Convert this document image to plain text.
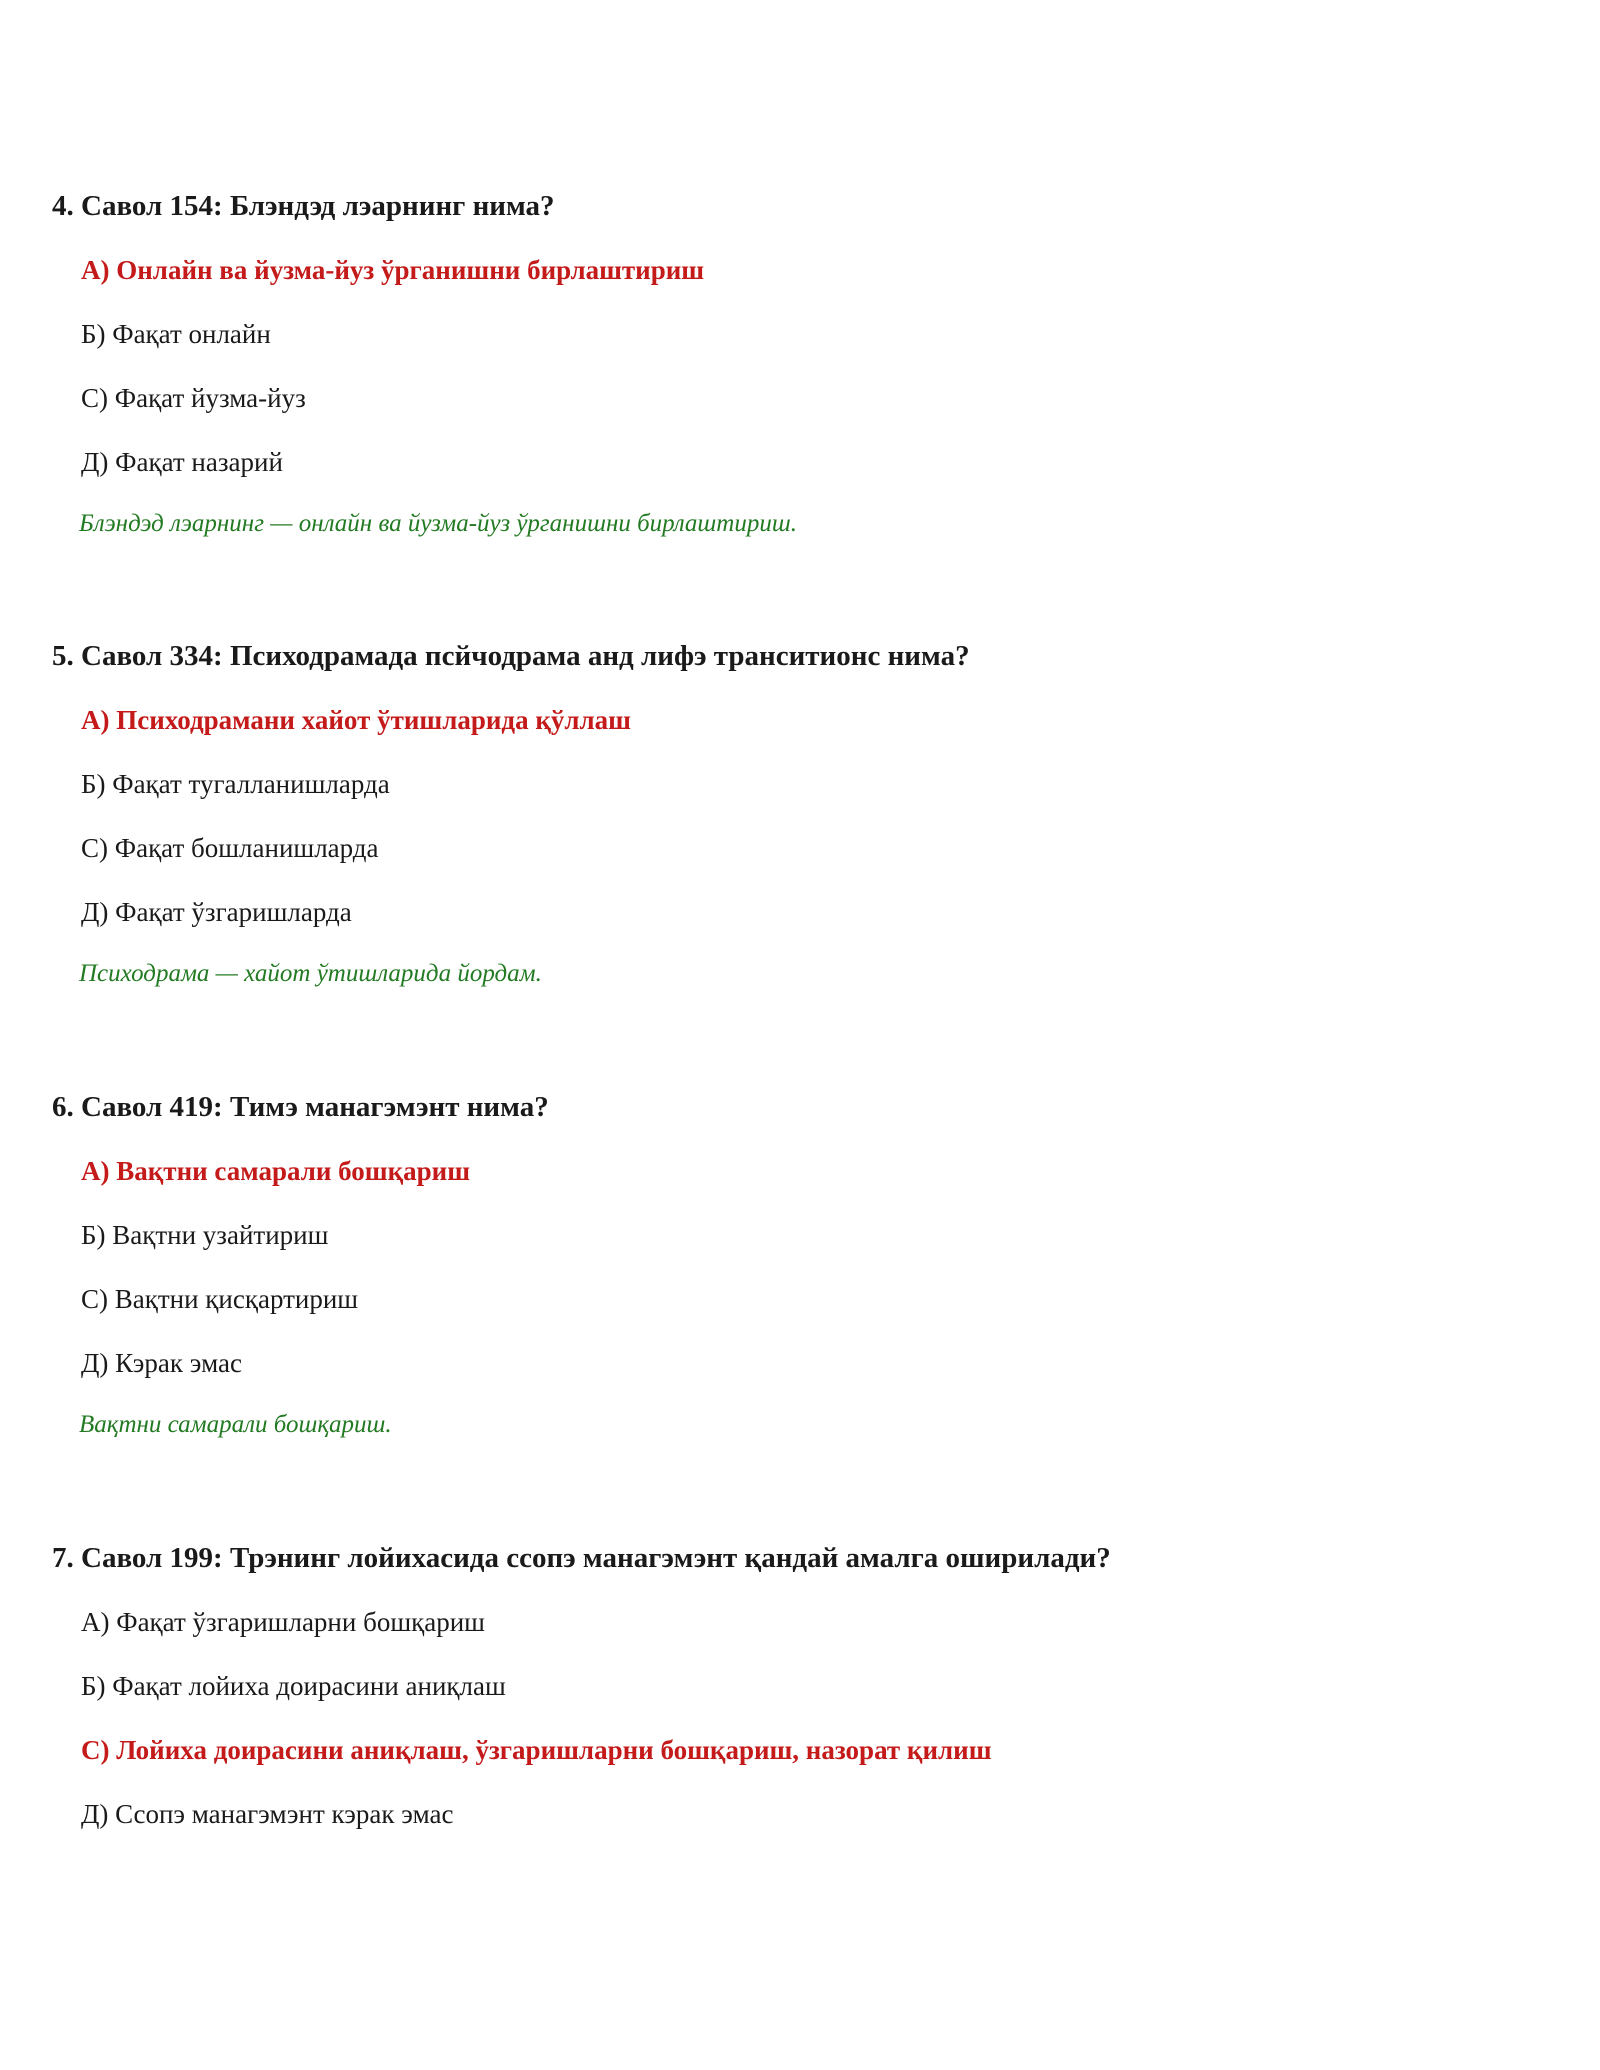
4. Савол 154: Блэндэд лэарнинг нима?
А) Онлайн ва йузма-йуз ўрганишни бирлаштириш
Б) Фақат онлайн
С) Фақат йузма-йуз
Д) Фақат назарий
Блэндэд лэарнинг — онлайн ва йузма-йуз ўрганишни бирлаштириш.
5. Савол 334: Психодрамада псйчодрама анд лифэ транситионс нима?
А) Психодрамани хайот ўтишларида қўллаш
Б) Фақат тугалланишларда
С) Фақат бошланишларда
Д) Фақат ўзгаришларда
Психодрама — хайот ўтишларида йордам.
6. Савол 419: Тимэ манагэмэнт нима?
А) Вақтни самарали бошқариш
Б) Вақтни узайтириш
С) Вақтни қисқартириш
Д) Кэрак эмас
Вақтни самарали бошқариш.
7. Савол 199: Трэнинг лойихасида ссопэ манагэмэнт қандай амалга оширилади?
А) Фақат ўзгаришларни бошқариш
Б) Фақат лойиха доирасини аниқлаш
С) Лойиха доирасини аниқлаш, ўзгаришларни бошқариш, назорат қилиш
Д) Ссопэ манагэмэнт кэрак эмас
